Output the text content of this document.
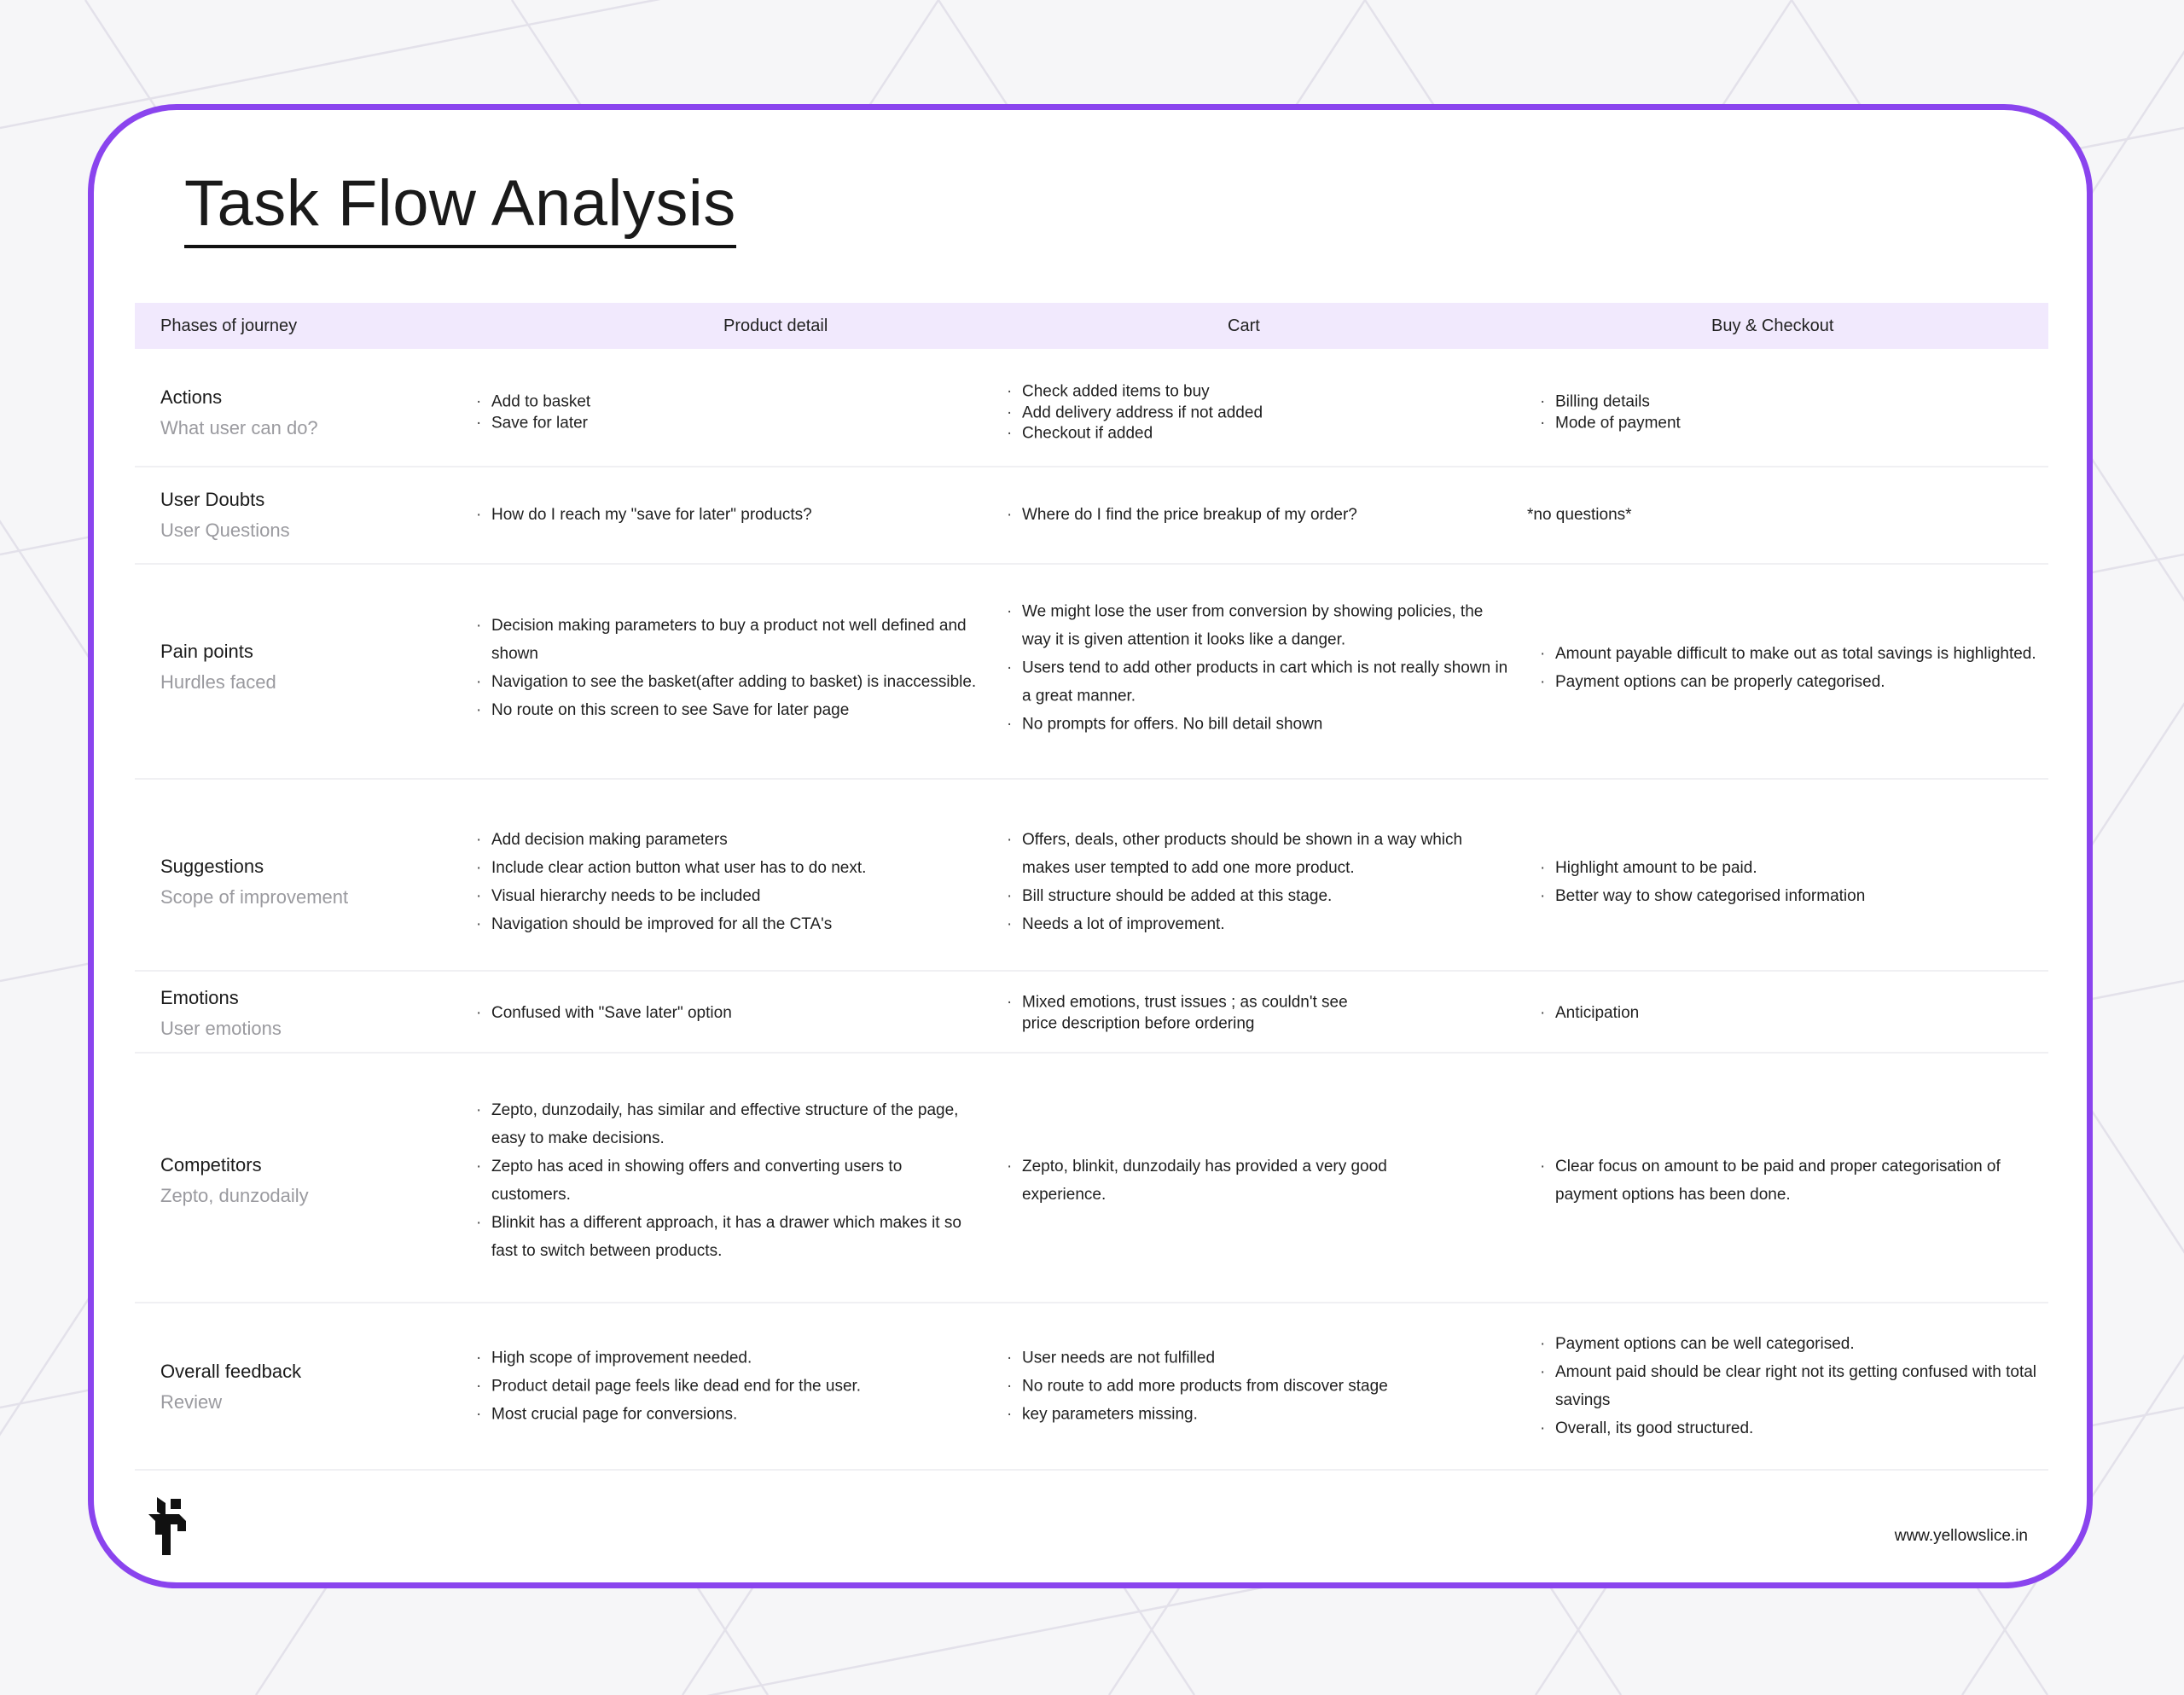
Task Flow Analysis
Phases of journey	Product detail	Cart	Buy & Checkout
Actions
What user can do?
· Add to basket
· Save for later
· Check added items to buy
· Add delivery address if not added
· Checkout if added
· Billing details
· Mode of payment
User Doubts
User Questions
· How do I reach my "save for later" products?
·	Where do I find the price breakup of my order?	*no questions*
Pain points
Hurdles faced
· Decision making parameters to buy a product not well defined and shown
· Navigation to see the basket(after adding to basket) is inaccessible.
· No route on this screen to see Save for later page
· We might lose the user from conversion by showing policies, the way it is given attention it looks like a danger.
· Users tend to add other products in cart which is not really shown in a great manner.
· No prompts for offers. No bill detail shown
· Amount payable difficult to make out as total savings is highlighted.
· Payment options can be properly categorised.
Suggestions
Scope of improvement
· Add decision making parameters
· Include clear action button what user has to do next.
· Visual hierarchy needs to be included
· Navigation should be improved for all the CTA's
· Offers, deals, other products should be shown in a way which makes user tempted to add one more product.
· Bill structure should be added at this stage.
· Needs a lot of improvement.
· Highlight amount to be paid.
· Better way to show categorised information
Emotions
User emotions
· Confused with "Save later" option
· Mixed emotions, trust issues ; as couldn't see price description before ordering
· Anticipation
Competitors
Zepto, dunzodaily
· Zepto, dunzodaily, has similar and effective structure of the page, easy to make decisions.
· Zepto has aced in showing offers and converting users to customers.
· Blinkit has a different approach, it has a drawer which makes it so fast to switch between products.
· Zepto, blinkit, dunzodaily has provided a very good experience.
· Clear focus on amount to be paid and proper categorisation of payment options has been done.
Overall feedback
Review
· High scope of improvement needed.
· Product detail page feels like dead end for the user.
· Most crucial page for conversions.
· User needs are not fulfilled
· No route to add more products from discover stage
· key parameters missing.
· Payment options can be well categorised.
· Amount paid should be clear right not its getting confused with total savings
· Overall, its good structured.
www.yellowslice.in
